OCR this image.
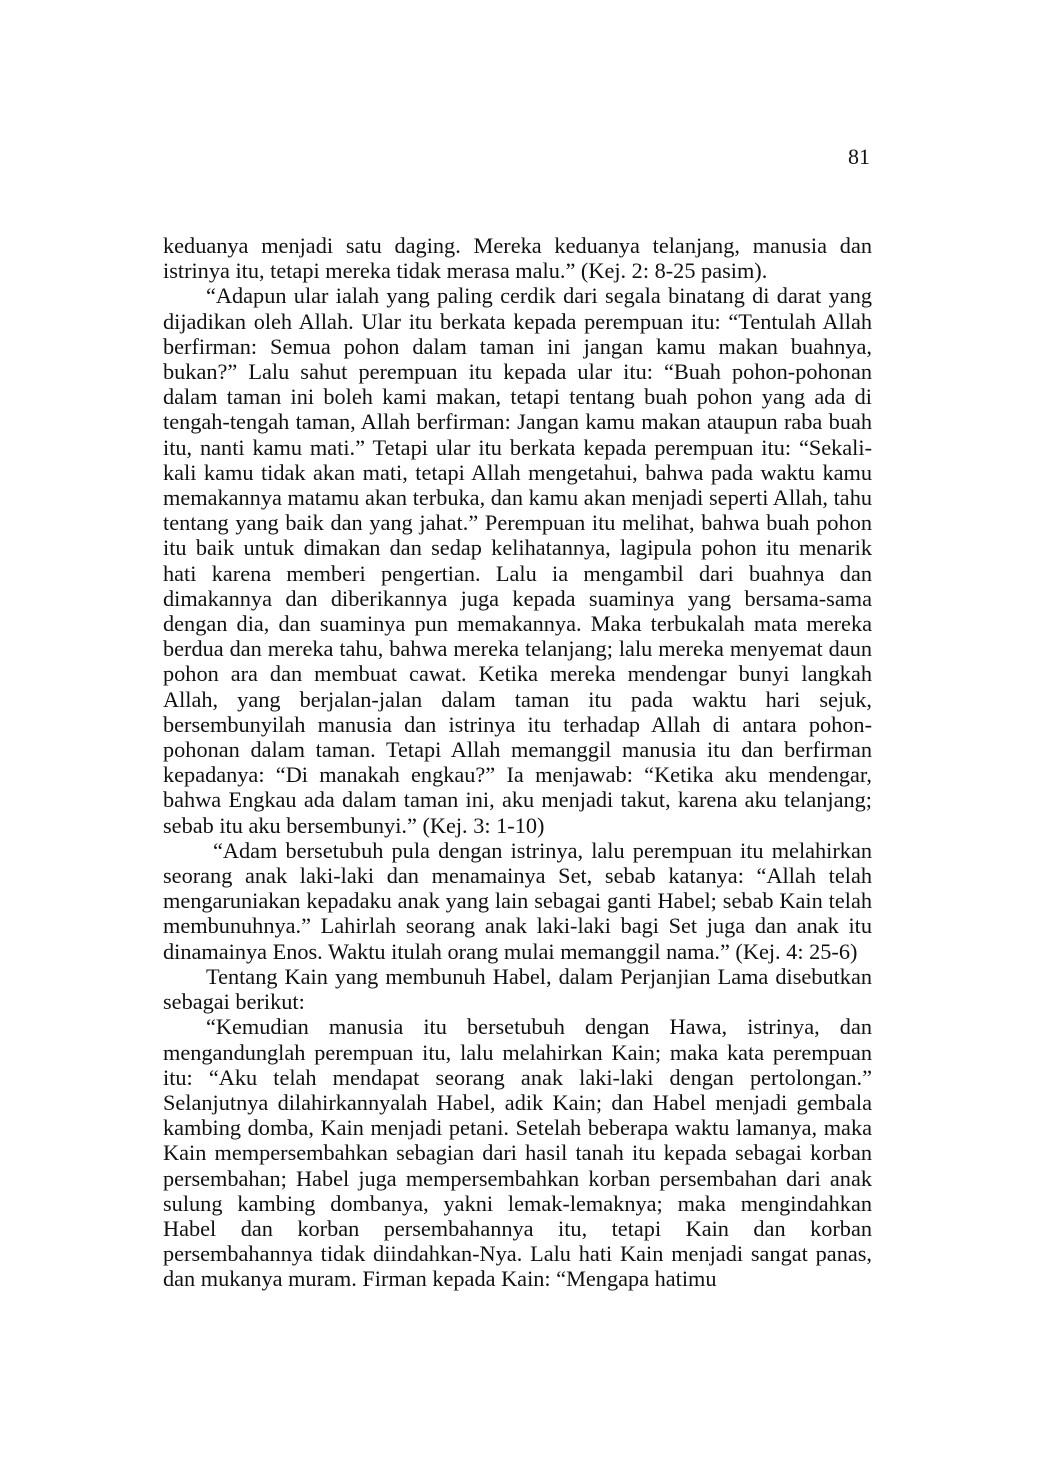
81

keduanya menjadi satu daging. Mereka keduanya telanjang, manusia dan istrinya itu, tetapi mereka tidak merasa malu.” (Kej. 2: 8-25 pasim).

“Adapun ular ialah yang paling cerdik dari segala binatang di darat yang dijadikan oleh Allah. Ular itu berkata kepada perempuan itu: “Tentulah Allah berfirman: Semua pohon dalam taman ini jangan kamu makan buahnya, bukan?” Lalu sahut perempuan itu kepada ular itu: “Buah pohon-pohonan dalam taman ini boleh kami makan, tetapi tentang buah pohon yang ada di tengah-tengah taman, Allah berfirman: Jangan kamu makan ataupun raba buah itu, nanti kamu mati.” Tetapi ular itu berkata kepada perempuan itu: “Sekali-kali kamu tidak akan mati, tetapi Allah mengetahui, bahwa pada waktu kamu memakannya matamu akan terbuka, dan kamu akan menjadi seperti Allah, tahu tentang yang baik dan yang jahat.” Perempuan itu melihat, bahwa buah pohon itu baik untuk dimakan dan sedap kelihatannya, lagipula pohon itu menarik hati karena memberi pengertian. Lalu ia mengambil dari buahnya dan dimakannya dan diberikannya juga kepada suaminya yang bersama-sama dengan dia, dan suaminya pun memakannya. Maka terbukalah mata mereka berdua dan mereka tahu, bahwa mereka telanjang; lalu mereka menyemat daun pohon ara dan membuat cawat. Ketika mereka mendengar bunyi langkah Allah, yang berjalan-jalan dalam taman itu pada waktu hari sejuk, bersembunyilah manusia dan istrinya itu terhadap Allah di antara pohon-pohonan dalam taman. Tetapi Allah memanggil manusia itu dan berfirman kepadanya: “Di manakah engkau?” Ia menjawab: “Ketika aku mendengar, bahwa Engkau ada dalam taman ini, aku menjadi takut, karena aku telanjang; sebab itu aku bersembunyi.” (Kej. 3: 1-10)

“Adam bersetubuh pula dengan istrinya, lalu perempuan itu melahirkan seorang anak laki-laki dan menamainya Set, sebab katanya: “Allah telah mengaruniakan kepadaku anak yang lain sebagai ganti Habel; sebab Kain telah membunuhnya.” Lahirlah seorang anak laki-laki bagi Set juga dan anak itu dinamainya Enos. Waktu itulah orang mulai memanggil nama.” (Kej. 4: 25-6)

Tentang Kain yang membunuh Habel, dalam Perjanjian Lama disebutkan sebagai berikut:

“Kemudian manusia itu bersetubuh dengan Hawa, istrinya, dan mengandunglah perempuan itu, lalu melahirkan Kain; maka kata perempuan itu: “Aku telah mendapat seorang anak laki-laki dengan pertolongan.” Selanjutnya dilahirkannyalah Habel, adik Kain; dan Habel menjadi gembala kambing domba, Kain menjadi petani. Setelah beberapa waktu lamanya, maka Kain mempersembahkan sebagian dari hasil tanah itu kepada sebagai korban persembahan; Habel juga mempersembahkan korban persembahan dari anak sulung kambing dombanya, yakni lemak-lemaknya; maka mengindahkan Habel dan korban persembahannya itu, tetapi Kain dan korban persembahannya tidak diindahkan-Nya. Lalu hati Kain menjadi sangat panas, dan mukanya muram. Firman kepada Kain: “Mengapa hatimu
